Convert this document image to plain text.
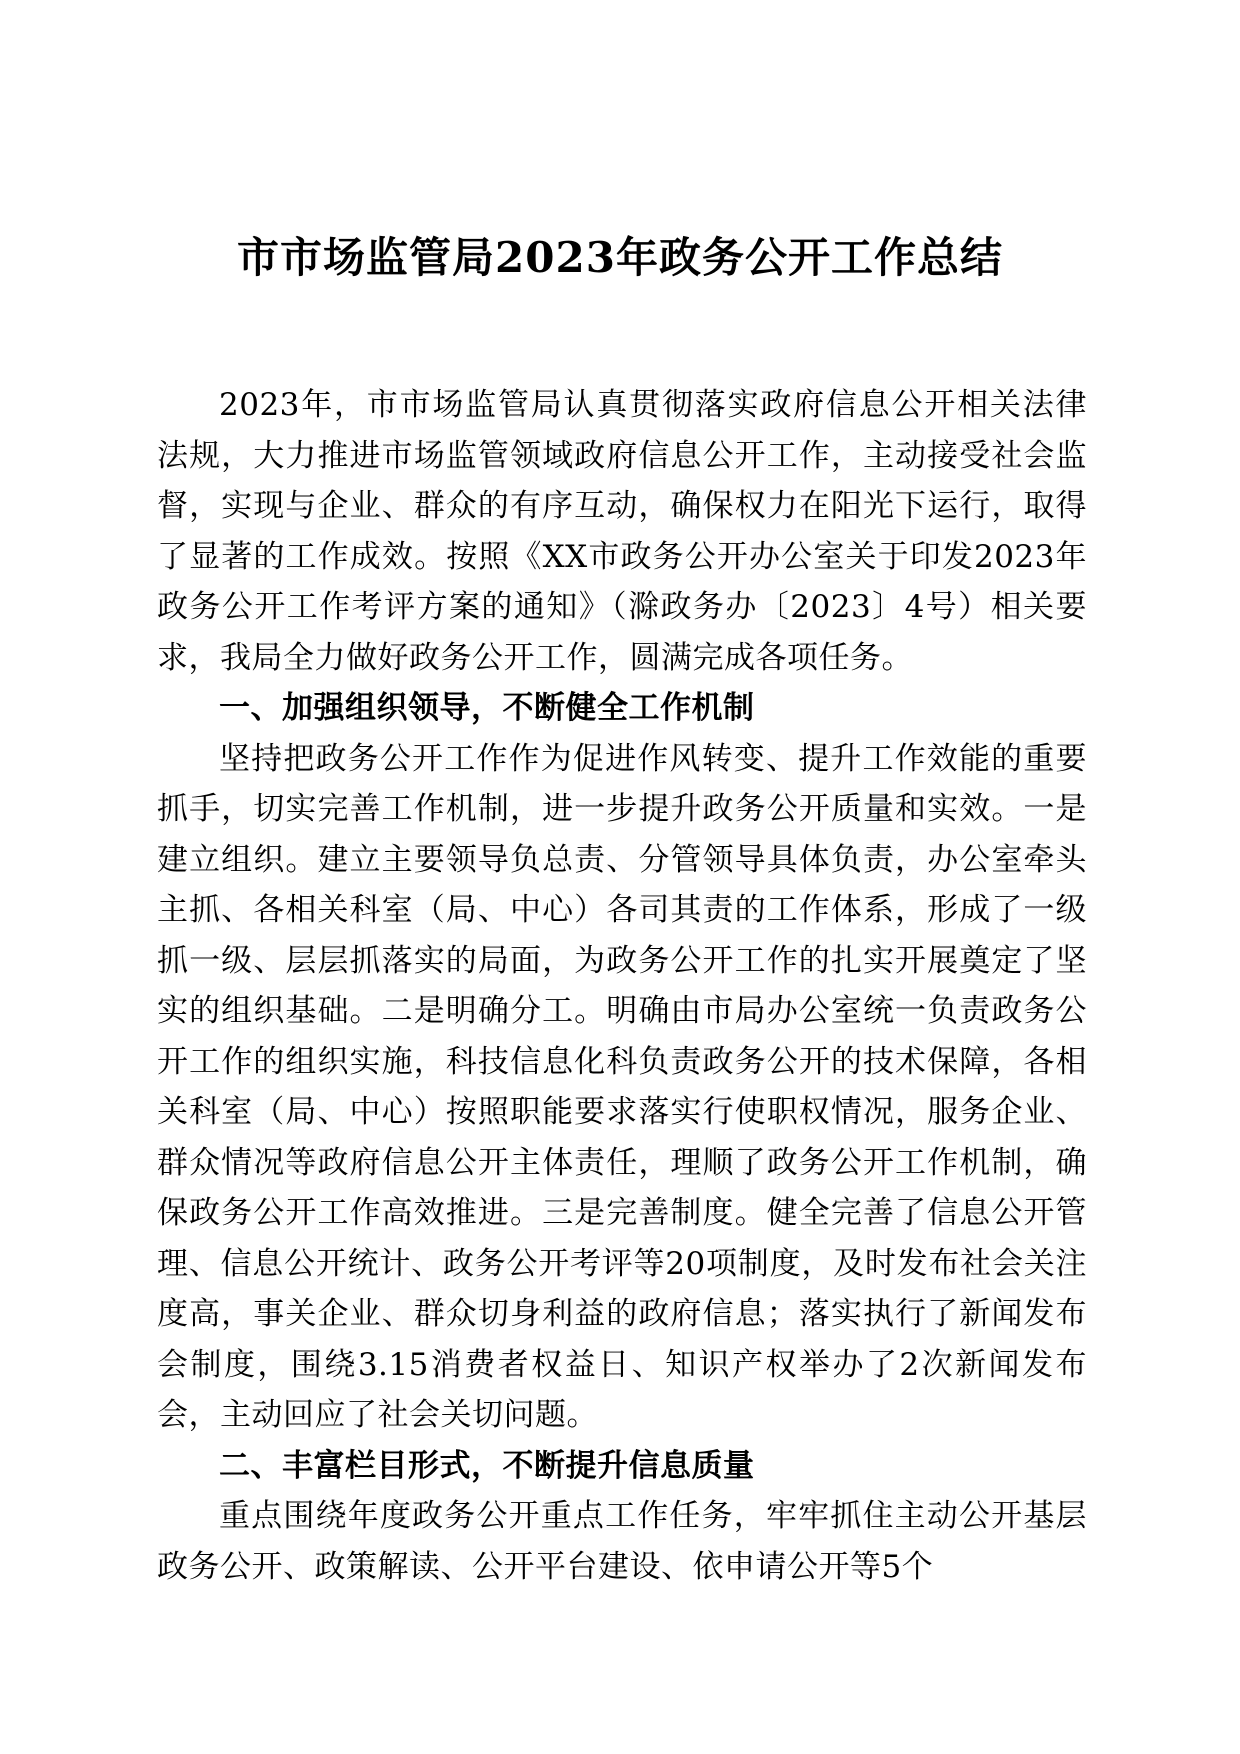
市市场监管局2023年政务公开工作总结

2023年，市市场监管局认真贯彻落实政府信息公开相关法律法规，大力推进市场监管领域政府信息公开工作，主动接受社会监督，实现与企业、群众的有序互动，确保权力在阳光下运行，取得了显著的工作成效。按照《XX市政务公开办公室关于印发2023年政务公开工作考评方案的通知》（滁政务办〔2023〕4号）相关要求，我局全力做好政务公开工作，圆满完成各项任务。

一、加强组织领导，不断健全工作机制

坚持把政务公开工作作为促进作风转变、提升工作效能的重要抓手，切实完善工作机制，进一步提升政务公开质量和实效。一是建立组织。建立主要领导负总责、分管领导具体负责，办公室牵头主抓、各相关科室（局、中心）各司其责的工作体系，形成了一级抓一级、层层抓落实的局面，为政务公开工作的扎实开展奠定了坚实的组织基础。二是明确分工。明确由市局办公室统一负责政务公开工作的组织实施，科技信息化科负责政务公开的技术保障，各相关科室（局、中心）按照职能要求落实行使职权情况，服务企业、群众情况等政府信息公开主体责任，理顺了政务公开工作机制，确保政务公开工作高效推进。三是完善制度。健全完善了信息公开管理、信息公开统计、政务公开考评等20项制度，及时发布社会关注度高，事关企业、群众切身利益的政府信息；落实执行了新闻发布会制度，围绕3.15消费者权益日、知识产权举办了2次新闻发布会，主动回应了社会关切问题。

二、丰富栏目形式，不断提升信息质量

重点围绕年度政务公开重点工作任务，牢牢抓住主动公开基层政务公开、政策解读、公开平台建设、依申请公开等5个
